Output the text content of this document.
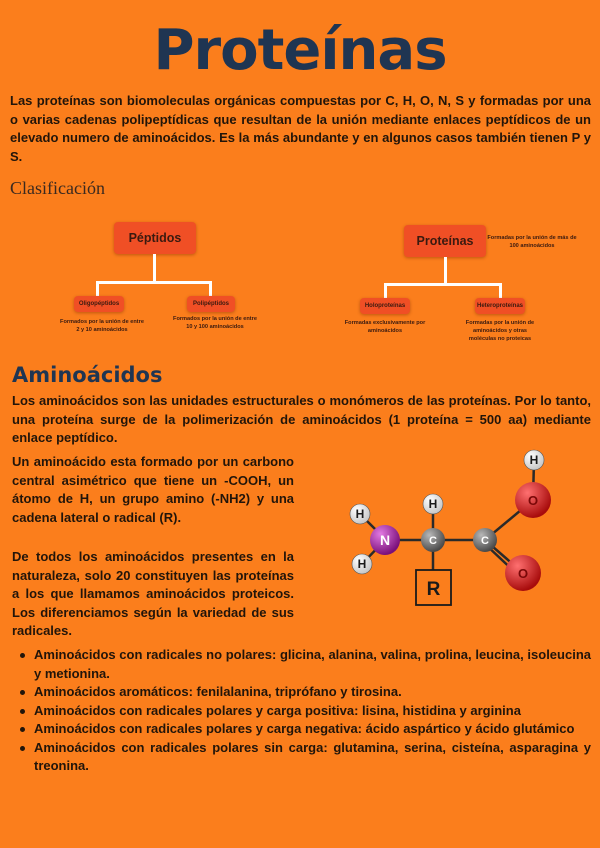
Proteínas
Las proteínas son biomoleculas orgánicas compuestas por C, H, O, N, S y formadas por una o varias cadenas polipeptídicas que resultan de la unión mediante enlaces peptídicos de un elevado numero de aminoácidos. Es la más abundante y en algunos casos también tienen P y S.
Clasificación
Péptidos
Oligopéptidos	Polipéptidos
Formados por la unión de entre 2 y 10 aminoácidos
Formados por la unión de entre 10 y 100 aminoácidos
Proteínas	Formadas por la unión de más de 100 aminoácidos
Holoproteínas	Heteroproteínas
Formadas exclusivamente por aminoácidos
Formadas por la unión de aminoácidos y otras moléculas no proteicas
Aminoácidos
Los aminoácidos son las unidades estructurales o monómeros de las proteínas. Por lo tanto, una proteína surge de la polimerización de aminoácidos (1 proteína = 500 aa) mediante enlace peptídico.
Un aminoácido esta formado por un carbono central asimétrico que tiene un -COOH, un átomo de H, un grupo amino (-NH2) y una cadena lateral o radical (R).
De todos los aminoácidos presentes en la naturaleza, solo 20 constituyen las proteínas a los que llamamos aminoácidos proteicos. Los diferenciamos según la variedad de sus radicales.
H
H
N
H
C	C
H
O
O
R
Aminoácidos con radicales no polares: glicina, alanina, valina, prolina, leucina, isoleucina y metionina.
Aminoácidos aromáticos: fenilalanina, triprófano y tirosina.
Aminoácidos con radicales polares y carga positiva: lisina, histidina y arginina
Aminoácidos con radicales polares y carga negativa: ácido aspártico y ácido glutámico
Aminoácidos con radicales polares sin carga: glutamina, serina, cisteína, asparagina y treonina.
